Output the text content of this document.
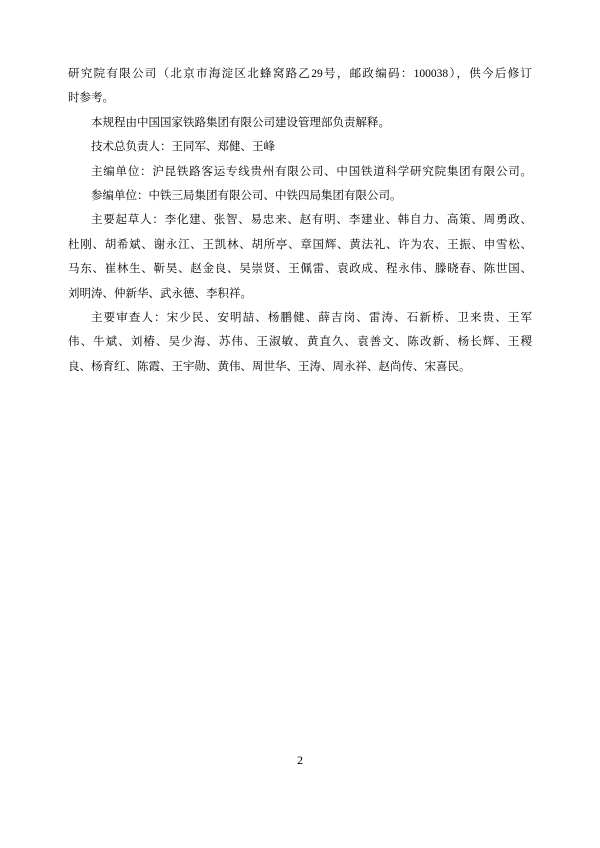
研究院有限公司（北京市海淀区北蜂窝路乙29号，邮政编码：100038），供今后修订
时参考。
本规程由中国国家铁路集团有限公司建设管理部负责解释。
技术总负责人：王同军、郑健、王峰
主编单位：沪昆铁路客运专线贵州有限公司、中国铁道科学研究院集团有限公司。
参编单位：中铁三局集团有限公司、中铁四局集团有限公司。
主要起草人：李化建、张智、易忠来、赵有明、李建业、韩自力、高策、周勇政、
杜刚、胡希斌、谢永江、王凯林、胡所亭、章国辉、黄法礼、许为农、王振、申雪松、
马东、崔林生、靳昊、赵金良、吴崇贤、王佩雷、袁政成、程永伟、滕晓春、陈世国、
刘明涛、仲新华、武永德、李积祥。
主要审查人：宋少民、安明喆、杨鹏健、薛吉岗、雷涛、石新桥、卫来贵、王军
伟、牛斌、刘椿、吴少海、苏伟、王淑敏、黄直久、袁善文、陈改新、杨长辉、王稷
良、杨育红、陈霞、王宇勋、黄伟、周世华、王涛、周永祥、赵尚传、宋喜民。
2
